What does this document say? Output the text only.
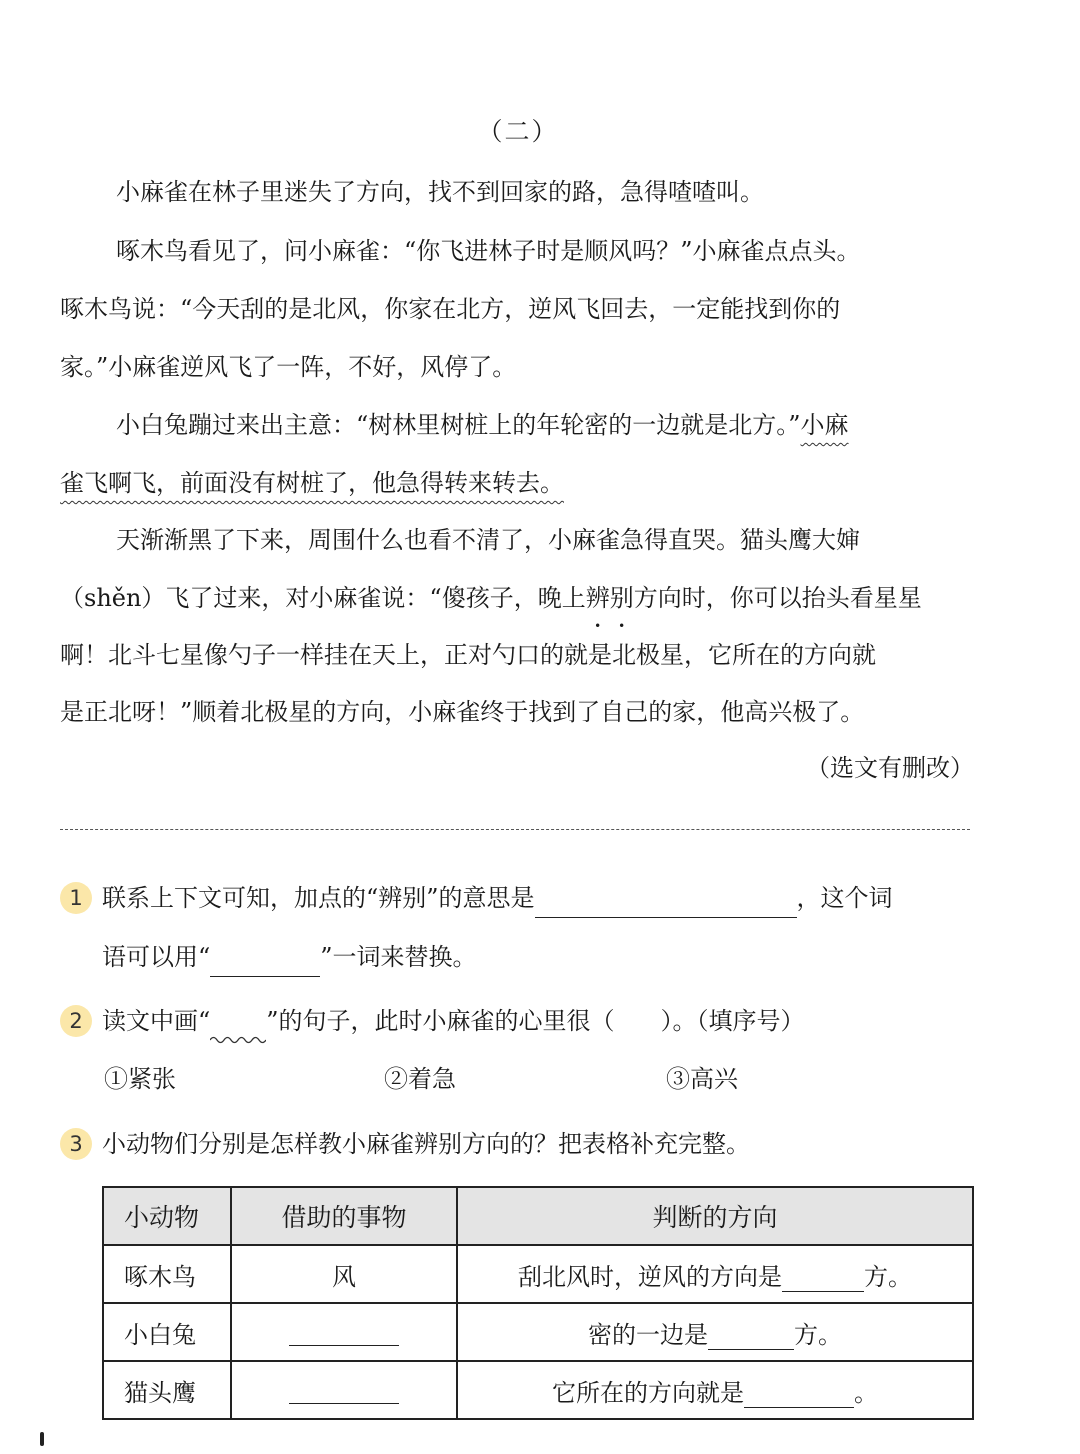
（二）
小麻雀在林子里迷失了方向，找不到回家的路，急得喳喳叫。
啄木鸟看见了，问小麻雀：“你飞进林子时是顺风吗？”小麻雀点点头。
啄木鸟说：“今天刮的是北风，你家在北方，逆风飞回去，一定能找到你的
家。”小麻雀逆风飞了一阵，不好，风停了。
小白兔蹦过来出主意：“树林里树桩上的年轮密的一边就是北方。”小麻
雀飞啊飞，前面没有树桩了，他急得转来转去。
天渐渐黑了下来，周围什么也看不清了，小麻雀急得直哭。猫头鹰大婶
（shěn）飞了过来，对小麻雀说：“傻孩子，晚上辨别方向时，你可以抬头看星星
啊！北斗七星像勺子一样挂在天上，正对勺口的就是北极星，它所在的方向就
是正北呀！”顺着北极星的方向，小麻雀终于找到了自己的家，他高兴极了。
（选文有删改）
1 联系上下文可知，加点的“辨别”的意思是	，这个词
语可以用“	”一词来替换。
2 读文中画“ ”的句子，此时小麻雀的心里很（ ）。（填序号）
①紧张	②着急	③高兴
3 小动物们分别是怎样教小麻雀辨别方向的？把表格补充完整。
小动物	借助的事物	判断的方向
啄木鸟	风	刮北风时，逆风的方向是 方。
小白兔		密的一边是 方。
猫头鹰		它所在的方向就是 。
